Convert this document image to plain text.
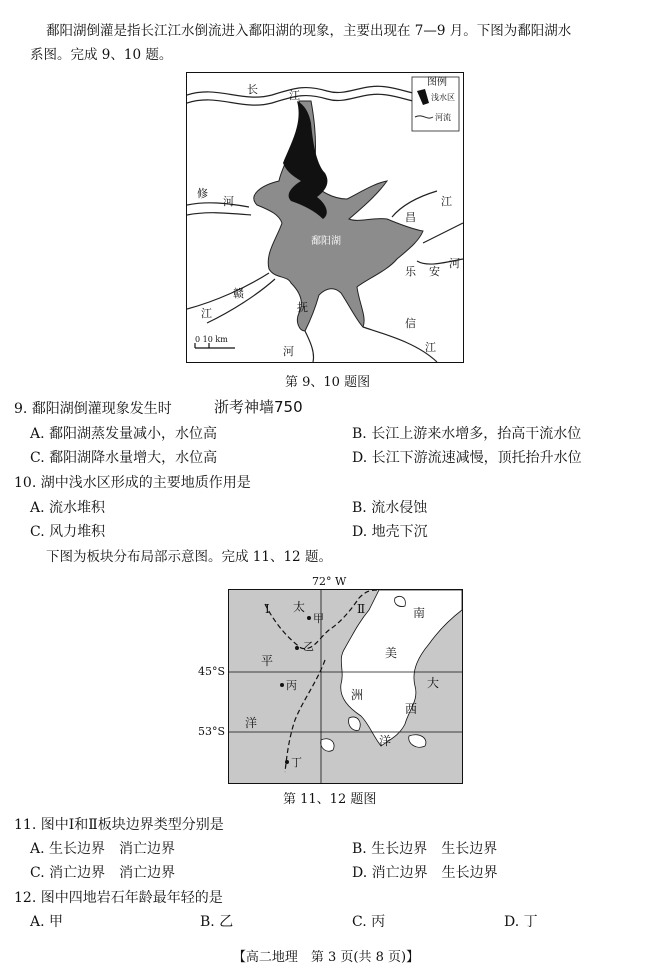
鄱阳湖倒灌是指长江江水倒流进入鄱阳湖的现象，主要出现在 7—9 月。下图为鄱阳湖水
系图。完成 9、10 题。
长	江
修
河
赣
江
江
昌
乐 安
河
抚
河
信
江
鄱阳湖
0 10 km
图例
浅水区
河流
第 9、10 题图
9. 鄱阳湖倒灌现象发生时	浙考神墙750
A. 鄱阳湖蒸发量减小，水位高	B. 长江上游来水增多，抬高干流水位
C. 鄱阳湖降水量增大，水位高	D. 长江下游流速减慢，顶托抬升水位
10. 湖中浅水区形成的主要地质作用是
A. 流水堆积	B. 流水侵蚀
C. 风力堆积	D. 地壳下沉
下图为板块分布局部示意图。完成 11、12 题。
72° W
Ⅰ	Ⅱ
太
平
洋
南
美
洲
大
西
洋
甲
乙
丙
丁
45°S
53°S
第 11、12 题图
11. 图中Ⅰ和Ⅱ板块边界类型分别是
A. 生长边界　消亡边界	B. 生长边界　生长边界
C. 消亡边界　消亡边界	D. 消亡边界　生长边界
12. 图中四地岩石年龄最年轻的是
A. 甲	B. 乙	C. 丙	D. 丁
【高二地理　第 3 页(共 8 页)】
